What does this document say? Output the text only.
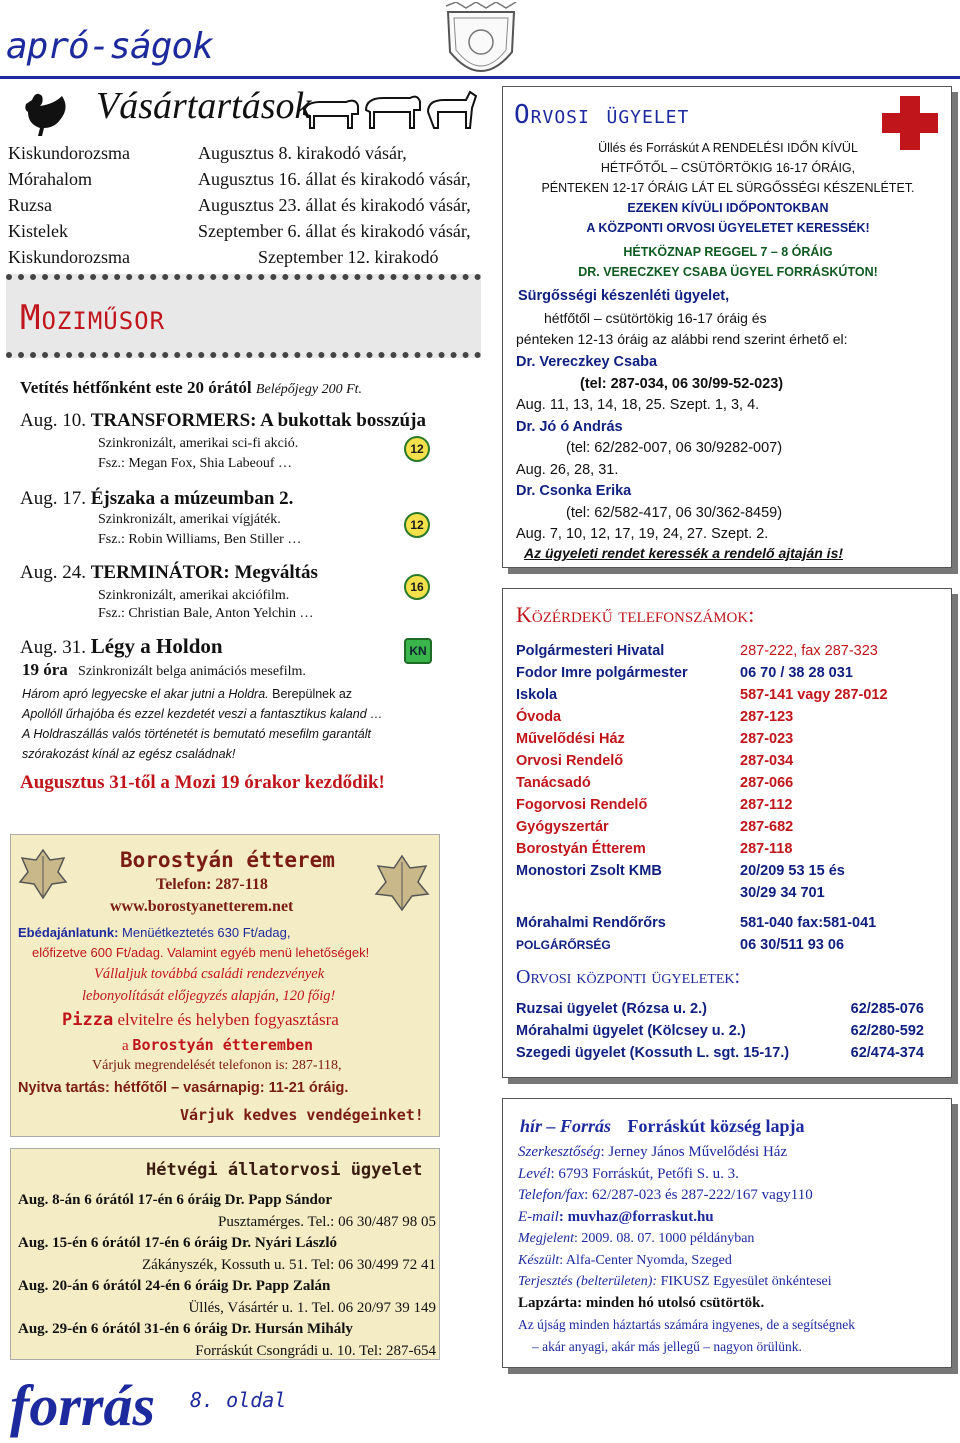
apró-ságok
Vásártartások
Kiskundorozsma	Augusztus 8. kirakodó vásár,
Mórahalom	Augusztus 16. állat és kirakodó vásár,
Ruzsa	Augusztus 23. állat és kirakodó vásár,
Kistelek	Szeptember 6. állat és kirakodó vásár,
Kiskundorozsma	Szeptember 12. kirakodó
Moziműsor
Vetítés hétfőnként este 20 órától Belépőjegy 200 Ft.
Aug. 10. TRANSFORMERS: A bukottak bosszúja
Szinkronizált, amerikai sci-fi akció.
Fsz.: Megan Fox, Shia Labeouf …
12
Aug. 17. Éjszaka a múzeumban 2.
Szinkronizált, amerikai vígjáték.
Fsz.: Robin Williams, Ben Stiller …
12
Aug. 24. TERMINÁTOR: Megváltás
Szinkronizált, amerikai akciófilm.
Fsz.: Christian Bale, Anton Yelchin …
16
Aug. 31. Légy a Holdon
19 óra Szinkronizált belga animációs mesefilm.
KN
Három apró legyecske el akar jutni a Holdra. Berepülnek az
Apollóll űrhajóba és ezzel kezdetét veszi a fantasztikus kaland …
A Holdraszállás valós történetét is bemutató mesefilm garantált
szórakozást kínál az egész családnak!
Augusztus 31-től a Mozi 19 órakor kezdődik!
Borostyán étterem
Telefon: 287-118
www.borostyanetterem.net
Ebédajánlatunk: Menüétkeztetés 630 Ft/adag,
előfizetve 600 Ft/adag. Valamint egyéb menü lehetőségek!
Vállaljuk továbbá családi rendezvények
lebonyolítását előjegyzés alapján, 120 főig!
Pizza elvitelre és helyben fogyasztásra
a Borostyán étteremben
Várjuk megrendelését telefonon is: 287-118,
Nyitva tartás: hétfőtől – vasárnapig: 11-21 óráig.
Várjuk kedves vendégeinket!
Hétvégi állatorvosi ügyelet
Aug. 8-án 6 órától 17-én 6 óráig Dr. Papp Sándor
Pusztamérges. Tel.: 06 30/487 98 05
Aug. 15-én 6 órától 17-én 6 óráig Dr. Nyári László
Zákányszék, Kossuth u. 51. Tel: 06 30/499 72 41
Aug. 20-án 6 órától 24-én 6 óráig Dr. Papp Zalán
Üllés, Vásártér u. 1. Tel. 06 20/97 39 149
Aug. 29-én 6 órától 31-én 6 óráig Dr. Hursán Mihály
Forráskút Csongrádi u. 10. Tel: 287-654
Orvosi ügyelet
Üllés és Forráskút A RENDELÉSI IDŐN KÍVÜL
HÉTFŐTŐL – CSÜTÖRTÖKIG 16-17 ÓRÁIG,
PÉNTEKEN 12-17 ÓRÁIG LÁT EL SÜRGŐSSÉGI KÉSZENLÉTET.
EZEKEN KÍVÜLI IDŐPONTOKBAN
A KÖZPONTI ORVOSI ÜGYELETET KERESSÉK!
HÉTKÖZNAP REGGEL 7 – 8 ÓRÁIG
DR. VERECZKEY CSABA ÜGYEL FORRÁSKÚTON!
Sürgősségi készenléti ügyelet,
hétfőtől – csütörtökig 16-17 óráig és
pénteken 12-13 óráig az alábbi rend szerint érhető el:
Dr. Vereczkey Csaba
(tel: 287-034, 06 30/99-52-023)
Aug. 11, 13, 14, 18, 25. Szept. 1, 3, 4.
Dr. Jó ó András
(tel: 62/282-007, 06 30/9282-007)
Aug. 26, 28, 31.
Dr. Csonka Erika
(tel: 62/582-417, 06 30/362-8459)
Aug. 7, 10, 12, 17, 19, 24, 27. Szept. 2.
Az ügyeleti rendet keressék a rendelő ajtaján is!
Közérdekű telefonszámok:
Polgármesteri Hivatal	287-222, fax 287-323
Fodor Imre polgármester	06 70 / 38 28 031
Iskola	587-141 vagy 287-012
Óvoda	287-123
Művelődési Ház	287-023
Orvosi Rendelő	287-034
Tanácsadó	287-066
Fogorvosi Rendelő	287-112
Gyógyszertár	287-682
Borostyán Étterem	287-118
Monostori Zsolt KMB	20/209 53 15 és
30/29 34 701
Mórahalmi Rendőrőrs	581-040 fax:581-041
POLGÁRŐRSÉG	06 30/511 93 06
Orvosi központi ügyeletek:
Ruzsai ügyelet (Rózsa u. 2.)	62/285-076
Mórahalmi ügyelet (Kölcsey u. 2.)	62/280-592
Szegedi ügyelet (Kossuth L. sgt. 15-17.)	62/474-374
hír – Forrás Forráskút község lapja
Szerkesztőség: Jerney János Művelődési Ház
Levél: 6793 Forráskút, Petőfi S. u. 3.
Telefon/fax: 62/287-023 és 287-222/167 vagy110
E-mail: muvhaz@forraskut.hu
Megjelent: 2009. 08. 07. 1000 példányban
Készült: Alfa-Center Nyomda, Szeged
Terjesztés (belterületen): FIKUSZ Egyesület önkéntesei
Lapzárta: minden hó utolsó csütörtök.
Az újság minden háztartás számára ingyenes, de a segítségnek
– akár anyagi, akár más jellegű – nagyon örülünk.
forrás 8. oldal
